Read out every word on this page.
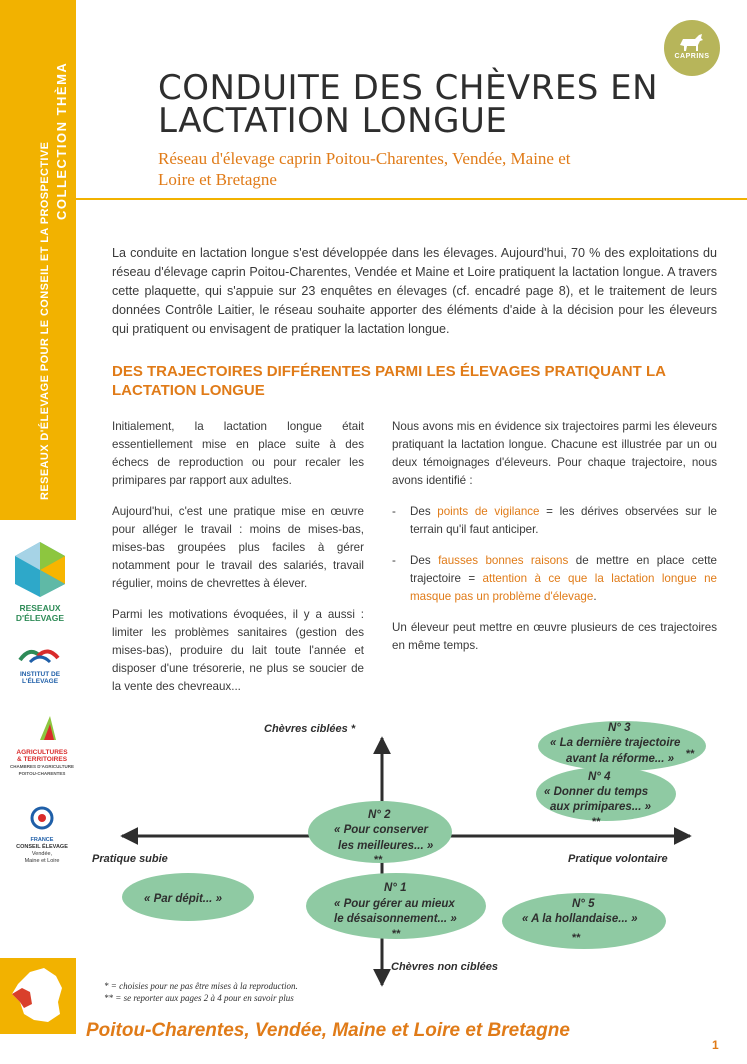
RESEAUX D'ÉLEVAGE POUR LE CONSEIL ET LA PROSPECTIVE
COLLECTION THÈMA	CONDUITE DES CHÈVRES EN
LACTATION LONGUE
Réseau d'élevage caprin Poitou-Charentes, Vendée, Maine et
Loire et Bretagne
CAPRINS

La conduite en lactation longue s'est développée dans les élevages. Aujourd'hui, 70 % des exploitations du réseau d'élevage caprin Poitou-Charentes, Vendée et Maine et Loire pratiquent la lactation longue. A travers cette plaquette, qui s'appuie sur 23 enquêtes en élevages (cf. encadré page 8), et le traitement de leurs données Contrôle Laitier, le réseau souhaite apporter des éléments d'aide à la décision pour les éleveurs qui pratiquent ou envisagent de pratiquer la lactation longue.

DES TRAJECTOIRES DIFFÉRENTES PARMI LES ÉLEVAGES PRATIQUANT LA
LACTATION LONGUE

Initialement, la lactation longue était essentiellement mise en place suite à des échecs de reproduction ou pour recaler les primipares par rapport aux adultes.

Aujourd'hui, c'est une pratique mise en œuvre pour alléger le travail : moins de mises-bas, mises-bas groupées plus faciles à gérer notamment pour le travail des salariés, travail régulier, moins de chevrettes à élever.

Parmi les motivations évoquées, il y a aussi : limiter les problèmes sanitaires (gestion des mises-bas), produire du lait toute l'année et disposer d'une trésorerie, ne plus se soucier de la vente des chevreaux...

Nous avons mis en évidence six trajectoires parmi les éleveurs pratiquant la lactation longue. Chacune est illustrée par un ou deux témoignages d'éleveurs. Pour chaque trajectoire, nous avons identifié :

-	Des points de vigilance = les dérives observées sur le terrain qu'il faut anticiper.
-	Des fausses bonnes raisons de mettre en place cette trajectoire = attention à ce que la lactation longue ne masque pas un problème d'élevage.

Un éleveur peut mettre en œuvre plusieurs de ces trajectoires en même temps.

RESEAUX D'ÉLEVAGE
INSTITUT DE
L'ÉLEVAGE
AGRICULTURES
& TERRITOIRES
CHAMBRES D'AGRICULTURE
POITOU-CHARENTES
FRANCE
CONSEIL ÉLEVAGE
Vendée,
Maine et Loire
Chèvres ciblées *
Chèvres non ciblées
Pratique subie	Pratique volontaire
N° 3
« La dernière trajectoire
avant la réforme... » **
N° 4
« Donner du temps
aux primipares... »
**
N° 2
« Pour conserver
les meilleures... »
**
« Par dépit... »
N° 1
« Pour gérer au mieux
le désaisonnement... »
**
N° 5
« A la hollandaise... »
**
* = choisies pour ne pas être mises à la reproduction.
** = se reporter aux pages 2 à 4 pour en savoir plus
Poitou-Charentes, Vendée, Maine et Loire et Bretagne
1
